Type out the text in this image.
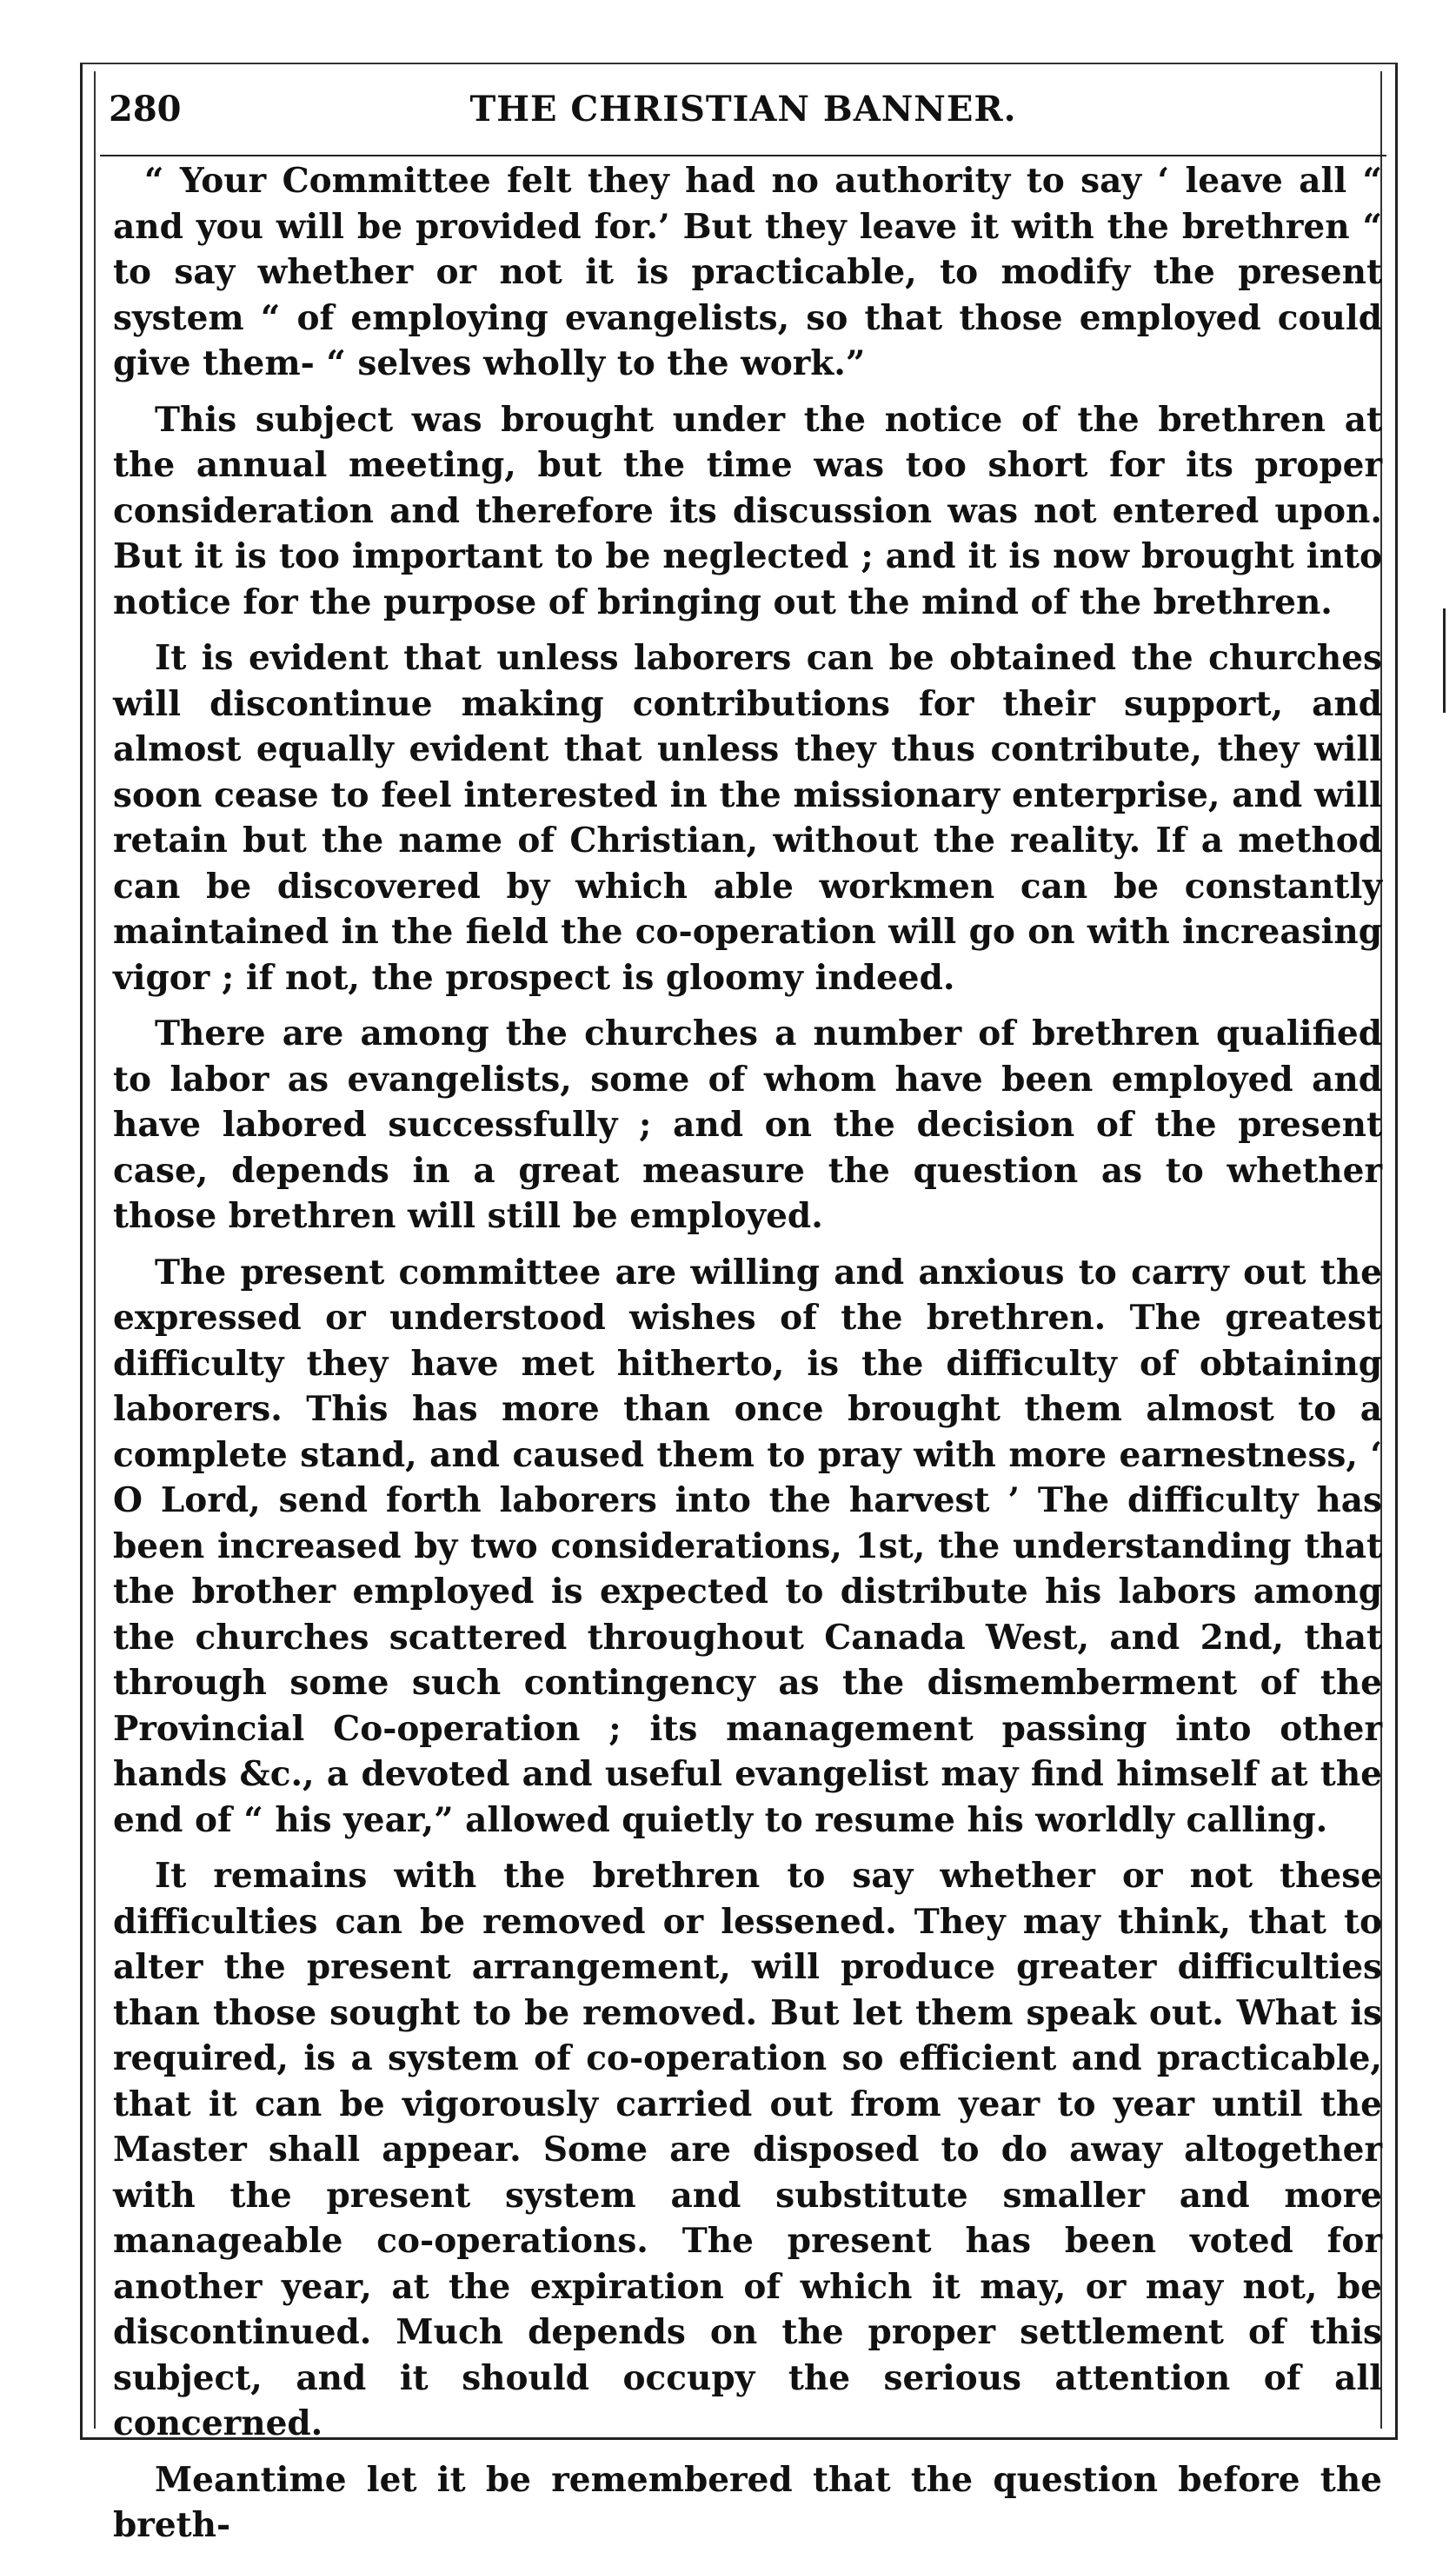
280	THE CHRISTIAN BANNER.

“ Your Committee felt they had no authority to say ‘ leave all “ and you will be provided for.’ But they leave it with the brethren “ to say whether or not it is practicable, to modify the present system “ of employing evangelists, so that those employed could give them- “ selves wholly to the work.”

This subject was brought under the notice of the brethren at the annual meeting, but the time was too short for its proper consideration and therefore its discussion was not entered upon. But it is too important to be neglected ; and it is now brought into notice for the purpose of bringing out the mind of the brethren.

It is evident that unless laborers can be obtained the churches will discontinue making contributions for their support, and almost equally evident that unless they thus contribute, they will soon cease to feel interested in the missionary enterprise, and will retain but the name of Christian, without the reality. If a method can be discovered by which able workmen can be constantly maintained in the field the co-operation will go on with increasing vigor ; if not, the prospect is gloomy indeed.

There are among the churches a number of brethren qualified to labor as evangelists, some of whom have been employed and have labored successfully ; and on the decision of the present case, depends in a great measure the question as to whether those brethren will still be employed.

The present committee are willing and anxious to carry out the expressed or understood wishes of the brethren. The greatest difficulty they have met hitherto, is the difficulty of obtaining laborers. This has more than once brought them almost to a complete stand, and caused them to pray with more earnestness, ‘ O Lord, send forth laborers into the harvest ’ The difficulty has been increased by two considerations, 1st, the understanding that the brother employed is expected to distribute his labors among the churches scattered throughout Canada West, and 2nd, that through some such contingency as the dismemberment of the Provincial Co-operation ; its management passing into other hands &c., a devoted and useful evangelist may find himself at the end of “ his year,” allowed quietly to resume his worldly calling.

It remains with the brethren to say whether or not these difficulties can be removed or lessened. They may think, that to alter the present arrangement, will produce greater difficulties than those sought to be removed. But let them speak out. What is required, is a system of co-operation so efficient and practicable, that it can be vigorously carried out from year to year until the Master shall appear. Some are disposed to do away altogether with the present system and substitute smaller and more manageable co-operations. The present has been voted for another year, at the expiration of which it may, or may not, be discontinued. Much depends on the proper settlement of this subject, and it should occupy the serious attention of all concerned.

Meantime let it be remembered that the question before the breth-
